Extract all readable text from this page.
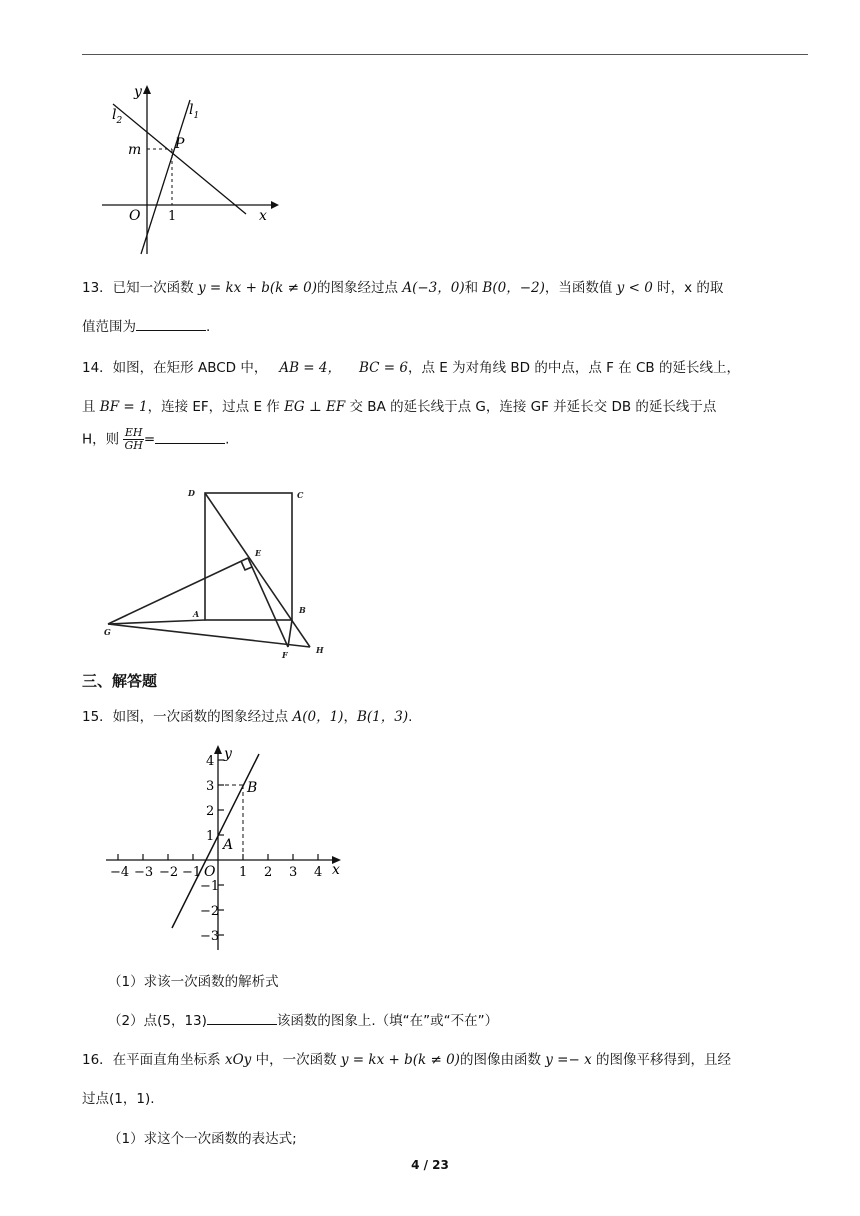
y
$l_2$
$l_1$
m P
O 1	x
13．已知一次函数 y = kx + b(k ≠ 0)的图象经过点 A(−3，0)和 B(0，−2)，当函数值 y < 0 时，x 的取
值范围为	.
14．如图，在矩形 ABCD 中， AB = 4， BC = 6，点 E 为对角线 BD 的中点，点 F 在 CB 的延长线上，
且 BF = 1，连接 EF，过点 E 作 EG ⊥ EF 交 BA 的延长线于点 G，连接 GF 并延长交 DB 的延长线于点
H，则 $\frac{EH}{GH}$ =	.
D	C
E
A	B
G
F	H
三、解答题
15．如图，一次函数的图象经过点 A(0，1)，B(1，3).
−4 −3 −2 −1	1 2 3 4
4
3
2
1
−1
−2
−3
y
x
O
A
B
（1）求该一次函数的解析式
（2）点(5，13)	该函数的图象上.（填“在”或“不在”）
16．在平面直角坐标系 xOy 中，一次函数 y = kx + b(k ≠ 0)的图像由函数 y =− x 的图像平移得到，且经
过点(1，1).
（1）求这个一次函数的表达式;
4 / 23
